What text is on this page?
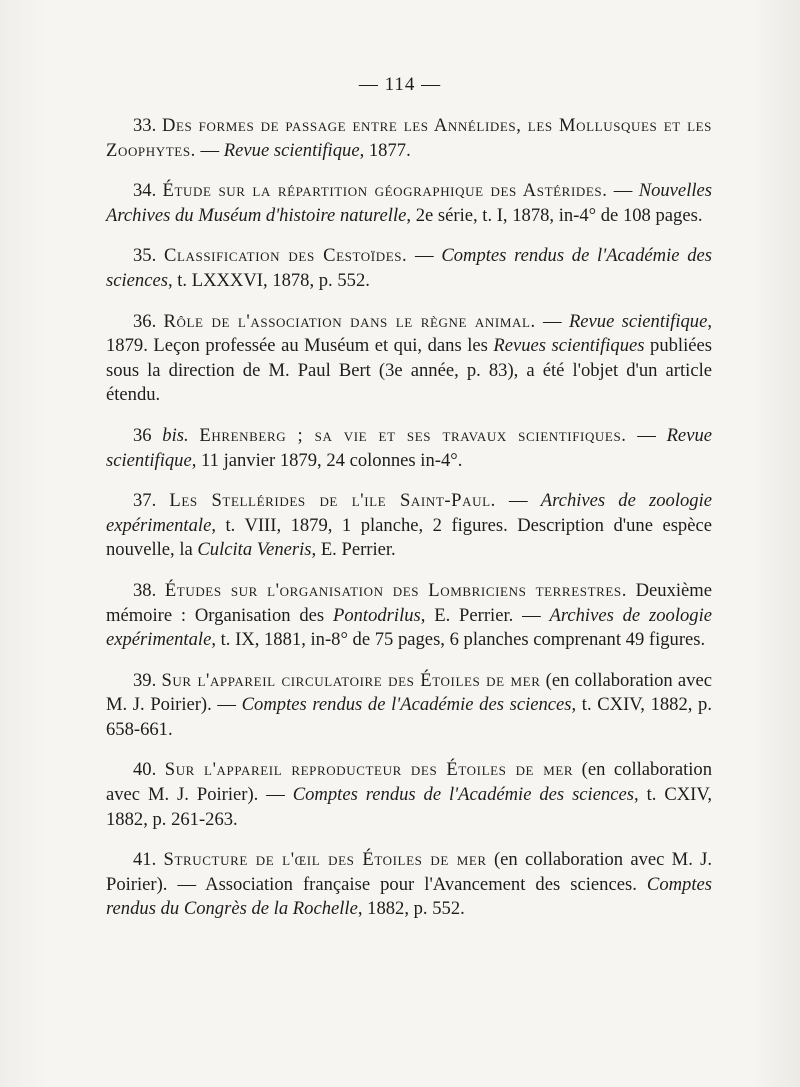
— 114 —

33. Des formes de passage entre les Annélides, les Mollusques et les Zoophytes. — Revue scientifique, 1877.

34. Étude sur la répartition géographique des Astérides. — Nouvelles Archives du Muséum d'histoire naturelle, 2e série, t. I, 1878, in-4° de 108 pages.

35. Classification des Cestoïdes. — Comptes rendus de l'Académie des sciences, t. LXXXVI, 1878, p. 552.

36. Rôle de l'association dans le règne animal. — Revue scientifique, 1879. Leçon professée au Muséum et qui, dans les Revues scientifiques publiées sous la direction de M. Paul Bert (3e année, p. 83), a été l'objet d'un article étendu.

36 bis. Ehrenberg ; sa vie et ses travaux scientifiques. — Revue scientifique, 11 janvier 1879, 24 colonnes in-4°.

37. Les Stellérides de l'ile Saint-Paul. — Archives de zoologie expérimentale, t. VIII, 1879, 1 planche, 2 figures. Description d'une espèce nouvelle, la Culcita Veneris, E. Perrier.

38. Études sur l'organisation des Lombriciens terrestres. Deuxième mémoire : Organisation des Pontodrilus, E. Perrier. — Archives de zoologie expérimentale, t. IX, 1881, in-8° de 75 pages, 6 planches comprenant 49 figures.

39. Sur l'appareil circulatoire des Étoiles de mer (en collaboration avec M. J. Poirier). — Comptes rendus de l'Académie des sciences, t. CXIV, 1882, p. 658-661.

40. Sur l'appareil reproducteur des Étoiles de mer (en collaboration avec M. J. Poirier). — Comptes rendus de l'Académie des sciences, t. CXIV, 1882, p. 261-263.

41. Structure de l'œil des Étoiles de mer (en collaboration avec M. J. Poirier). — Association française pour l'Avancement des sciences. Comptes rendus du Congrès de la Rochelle, 1882, p. 552.
